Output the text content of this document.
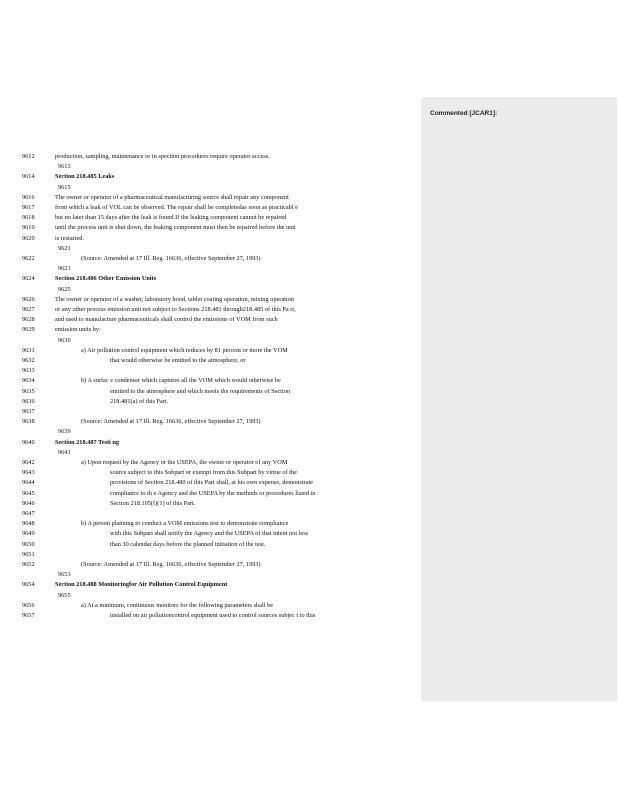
Commented [JCAR1]:
9612	production, sampling, maintenance or in spection procedures require operator access.
9613
9614	Section 218.485 Leaks
9615
9616	The owner or operator of a pharmaceutical manufacturing source shall repair any component
9617	from which a leak of VOL can be observed. The repair shall be completedas soon as practicabl e
9618	but no later than 15 days after the leak is found.If the leaking component cannot be repaired
9619	until the process unit is shut down, the leaking component must then be repaired before the unit
9620	is restarted.
9621
9622	(Source: Amended at 17 Ill. Reg. 16636, effective September 27, 1993)
9623
9624	Section 218.486 Other Emission Units
9625
9626	The owner or operator of a washer, laboratory hood, tablet coating operation, mixing operation
9627	or any other process emission unit not subject to Sections 218.481 through218.485 of this Pa rt,
9628	and used to manufacture pharmaceuticals shall control the emissions of VOM from such
9629	emission units by:
9630
9631	a) Air pollution control equipment which reduces by 81 percent or more the VOM
9632	that would otherwise be emitted to the atmosphere, or
9633
9634	b) A surfac e condenser which captures all the VOM which would otherwise be
9635	emitted to the atmosphere and which meets the requirements of Section
9636	218.481(a) of this Part.
9637
9638	(Source: Amended at 17 Ill. Reg. 16636, effective September 27, 1993)
9639
9640	Section 218.487 Testi ng
9641
9642	a) Upon request by the Agency or the USEPA, the owner or operator of any VOM
9643	source subject to this Subpart or exempt from this Subpart by virtue of the
9644	provisions of Section 218.480 of this Part shall, at his own expense, demonstrate
9645	compliance to th e Agency and the USEPA by the methods or procedures listed in
9646	Section 218.105(f)(1) of this Part.
9647
9648	b) A person planning to conduct a VOM emissions test to demonstrate compliance
9649	with this Subpart shall notify the Agency and the USEPA of that intent not less
9650	than 30 calendar days before the planned initiation of the test.
9651
9652	(Source: Amended at 17 Ill. Reg. 16636, effective September 27, 1993)
9653
9654	Section 218.488 Monitoringfor Air Pollution Control Equipment
9655
9656	a) At a minimum, continuous monitors for the following parameters shall be
9657	installed on air pollutioncontrol equipment used to control sources subjec t to this
